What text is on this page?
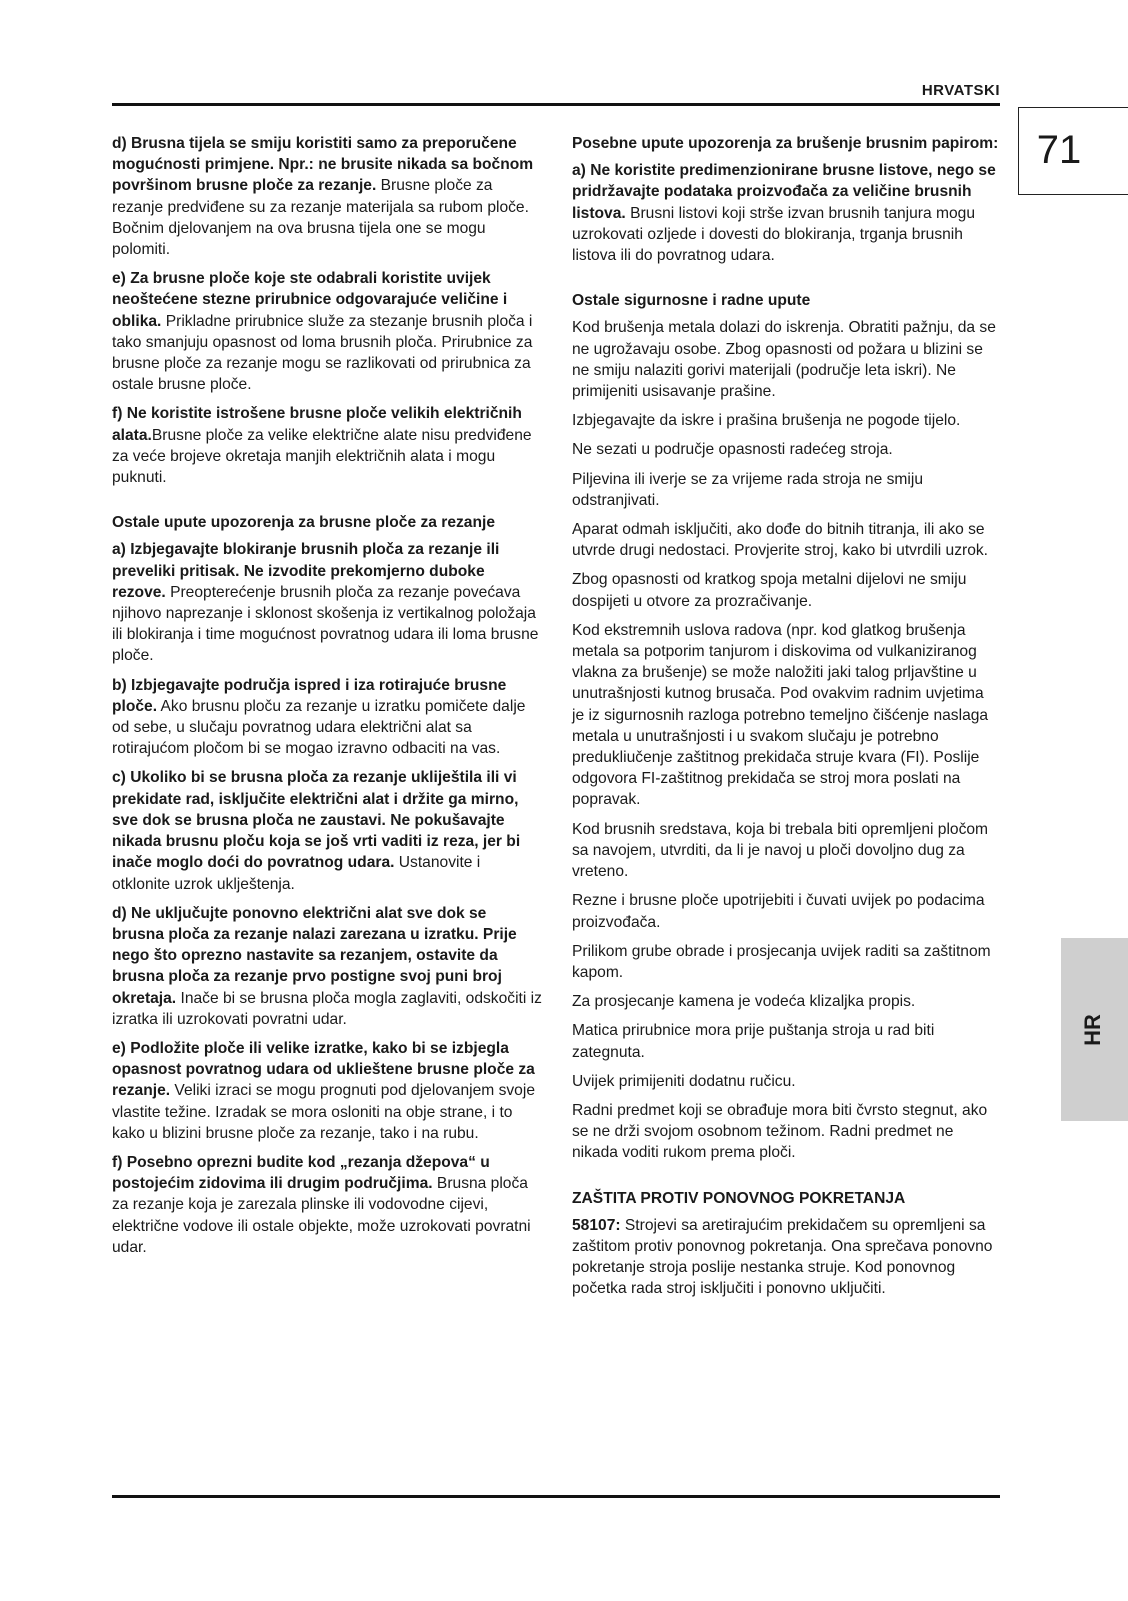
HRVATSKI
71
HR

d) Brusna tijela se smiju koristiti samo za preporučene mogućnosti primjene. Npr.: ne brusite nikada sa bočnom površinom brusne ploče za rezanje. Brusne ploče za rezanje predviđene su za rezanje materijala sa rubom ploče. Bočnim djelovanjem na ova brusna tijela one se mogu polomiti.

e) Za brusne ploče koje ste odabrali koristite uvijek neoštećene stezne prirubnice odgovarajuće veličine i oblika. Prikladne prirubnice služe za stezanje brusnih ploča i tako smanjuju opasnost od loma brusnih ploča. Prirubnice za brusne ploče za rezanje mogu se razlikovati od prirubnica za ostale brusne ploče.

f) Ne koristite istrošene brusne ploče velikih električnih alata.Brusne ploče za velike električne alate nisu predviđene za veće brojeve okretaja manjih električnih alata i mogu puknuti.

Ostale upute upozorenja za brusne ploče za rezanje

a) Izbjegavajte blokiranje brusnih ploča za rezanje ili preveliki pritisak. Ne izvodite prekomjerno duboke rezove. Preopterećenje brusnih ploča za rezanje povećava njihovo naprezanje i sklonost skošenja iz vertikalnog položaja ili blokiranja i time mogućnost povratnog udara ili loma brusne ploče.

b) Izbjegavajte područja ispred i iza rotirajuće brusne ploče. Ako brusnu ploču za rezanje u izratku pomičete dalje od sebe, u slučaju povratnog udara električni alat sa rotirajućom pločom bi se mogao izravno odbaciti na vas.

c) Ukoliko bi se brusna ploča za rezanje ukliještila ili vi prekidate rad, isključite električni alat i držite ga mirno, sve dok se brusna ploča ne zaustavi. Ne pokušavajte nikada brusnu ploču koja se još vrti vaditi iz reza, jer bi inače moglo doći do povratnog udara. Ustanovite i otklonite uzrok uklještenja.

d) Ne uključujte ponovno električni alat sve dok se brusna ploča za rezanje nalazi zarezana u izratku. Prije nego što oprezno nastavite sa rezanjem, ostavite da brusna ploča za rezanje prvo postigne svoj puni broj okretaja. Inače bi se brusna ploča mogla zaglaviti, odskočiti iz izratka ili uzrokovati povratni udar.

e) Podložite ploče ili velike izratke, kako bi se izbjegla opasnost povratnog udara od uklieštene brusne ploče za rezanje. Veliki izraci se mogu prognuti pod djelovanjem svoje vlastite težine. Izradak se mora osloniti na obje strane, i to kako u blizini brusne ploče za rezanje, tako i na rubu.

f) Posebno oprezni budite kod „rezanja džepova“ u postojećim zidovima ili drugim područjima. Brusna ploča za rezanje koja je zarezala plinske ili vodovodne cijevi, električne vodove ili ostale objekte, može uzrokovati povratni udar.

Posebne upute upozorenja za brušenje brusnim papirom:

a) Ne koristite predimenzionirane brusne listove, nego se pridržavajte podataka proizvođača za veličine brusnih listova. Brusni listovi koji strše izvan brusnih tanjura mogu uzrokovati ozljede i dovesti do blokiranja, trganja brusnih listova ili do povratnog udara.

Ostale sigurnosne i radne upute

Kod brušenja metala dolazi do iskrenja. Obratiti pažnju, da se ne ugrožavaju osobe. Zbog opasnosti od požara u blizini se ne smiju nalaziti gorivi materijali (područje leta iskri). Ne primijeniti usisavanje prašine.

Izbjegavajte da iskre i prašina brušenja ne pogode tijelo.

Ne sezati u područje opasnosti radećeg stroja.

Piljevina ili iverje se za vrijeme rada stroja ne smiju odstranjivati.

Aparat odmah isključiti, ako dođe do bitnih titranja, ili ako se utvrde drugi nedostaci. Provjerite stroj, kako bi utvrdili uzrok.

Zbog opasnosti od kratkog spoja metalni dijelovi ne smiju dospijeti u otvore za prozračivanje.

Kod ekstremnih uslova radova (npr. kod glatkog brušenja metala sa potporim tanjurom i diskovima od vulkaniziranog vlakna za brušenje) se može naložiti jaki talog prljavštine u unutrašnjosti kutnog brusača. Pod ovakvim radnim uvjetima je iz sigurnosnih razloga potrebno temeljno čišćenje naslaga metala u unutrašnjosti i u svakom slučaju je potrebno predukliučenje zaštitnog prekidača struje kvara (FI). Poslije odgovora FI-zaštitnog prekidača se stroj mora poslati na popravak.

Kod brusnih sredstava, koja bi trebala biti opremljeni pločom sa navojem, utvrditi, da li je navoj u ploči dovoljno dug za vreteno.

Rezne i brusne ploče upotrijebiti i čuvati uvijek po podacima proizvođača.

Prilikom grube obrade i prosjecanja uvijek raditi sa zaštitnom kapom.

Za prosjecanje kamena je vodeća klizaljka propis.

Matica prirubnice mora prije puštanja stroja u rad biti zategnuta.

Uvijek primijeniti dodatnu ručicu.

Radni predmet koji se obrađuje mora biti čvrsto stegnut, ako se ne drži svojom osobnom težinom. Radni predmet ne nikada voditi rukom prema ploči.

ZAŠTITA PROTIV PONOVNOG POKRETANJA

58107: Strojevi sa aretirajućim prekidačem su opremljeni sa zaštitom protiv ponovnog pokretanja. Ona sprečava ponovno pokretanje stroja poslije nestanka struje. Kod ponovnog početka rada stroj isključiti i ponovno uključiti.
